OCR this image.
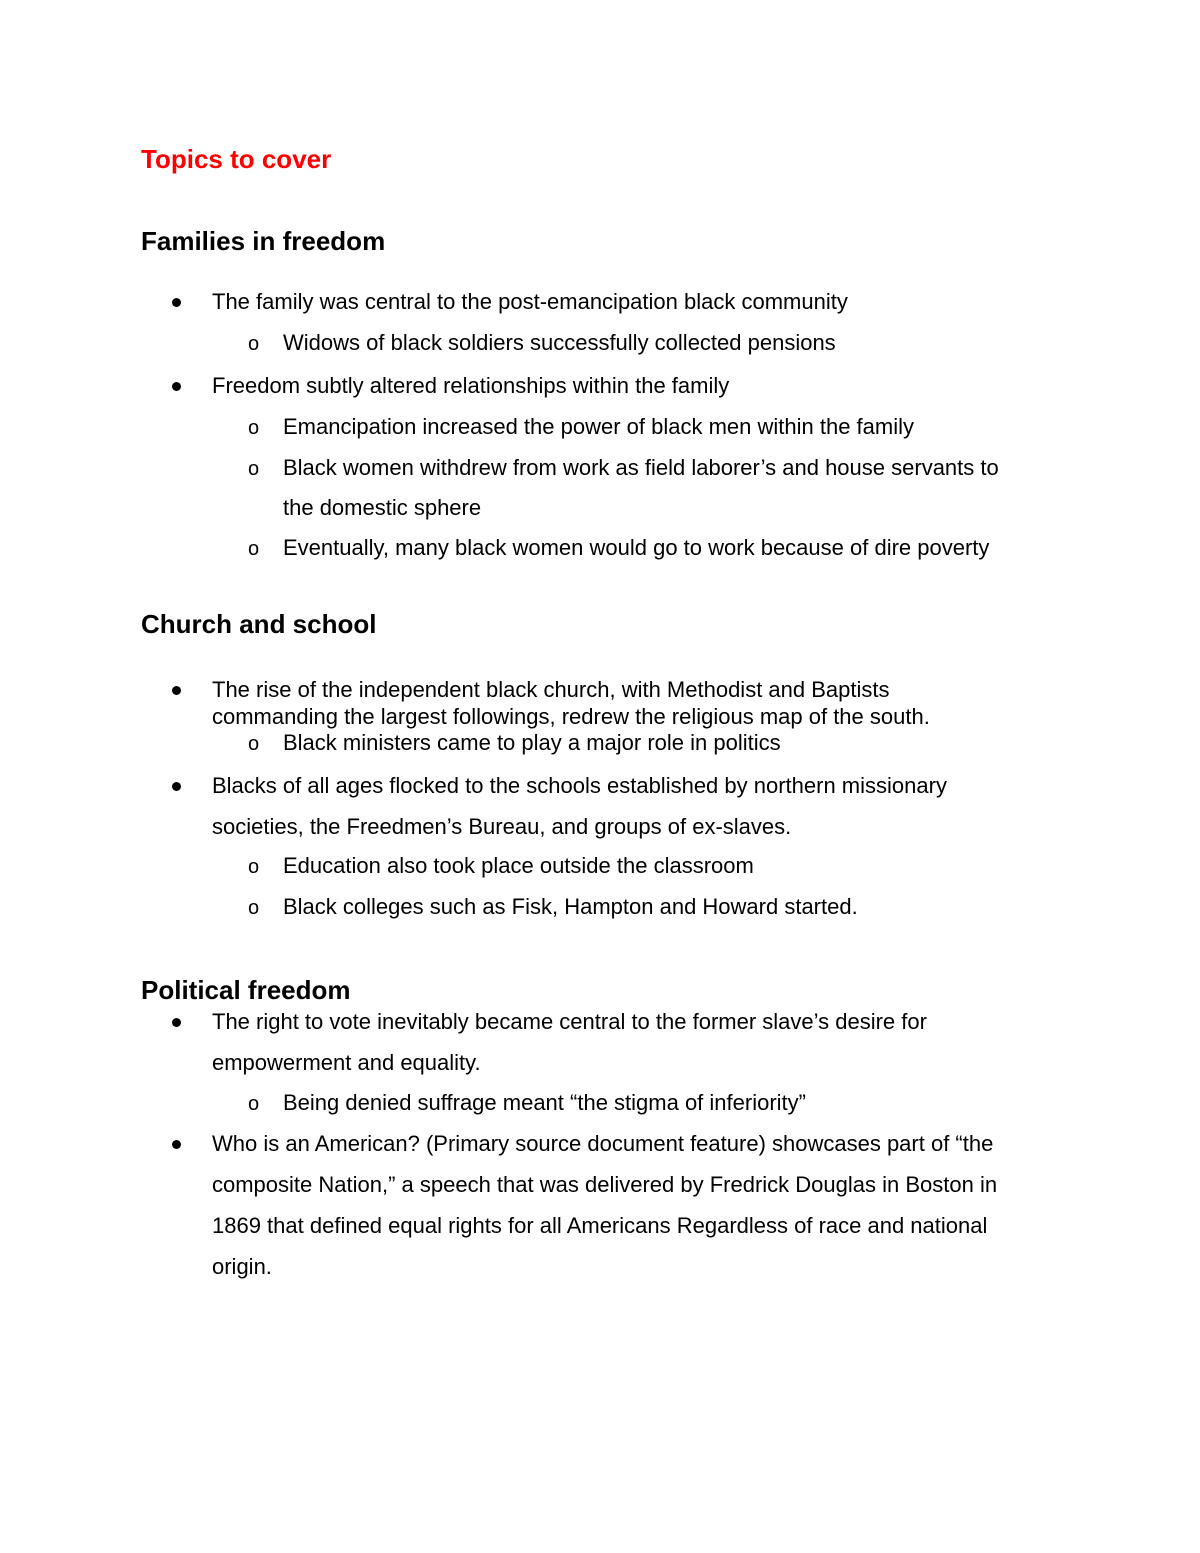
Topics to cover
Families in freedom
The family was central to the post-emancipation black community
o Widows of black soldiers successfully collected pensions
Freedom subtly altered relationships within the family
o Emancipation increased the power of black men within the family
o Black women withdrew from work as field laborer’s and house servants to
the domestic sphere
o Eventually, many black women would go to work because of dire poverty
Church and school
The rise of the independent black church, with Methodist and Baptists
commanding the largest followings, redrew the religious map of the south.
o Black ministers came to play a major role in politics
Blacks of all ages flocked to the schools established by northern missionary
societies, the Freedmen’s Bureau, and groups of ex-slaves.
o Education also took place outside the classroom
o Black colleges such as Fisk, Hampton and Howard started.
Political freedom
The right to vote inevitably became central to the former slave’s desire for
empowerment and equality.
o Being denied suffrage meant “the stigma of inferiority”
Who is an American? (Primary source document feature) showcases part of “the
composite Nation,” a speech that was delivered by Fredrick Douglas in Boston in
1869 that defined equal rights for all Americans Regardless of race and national
origin.
